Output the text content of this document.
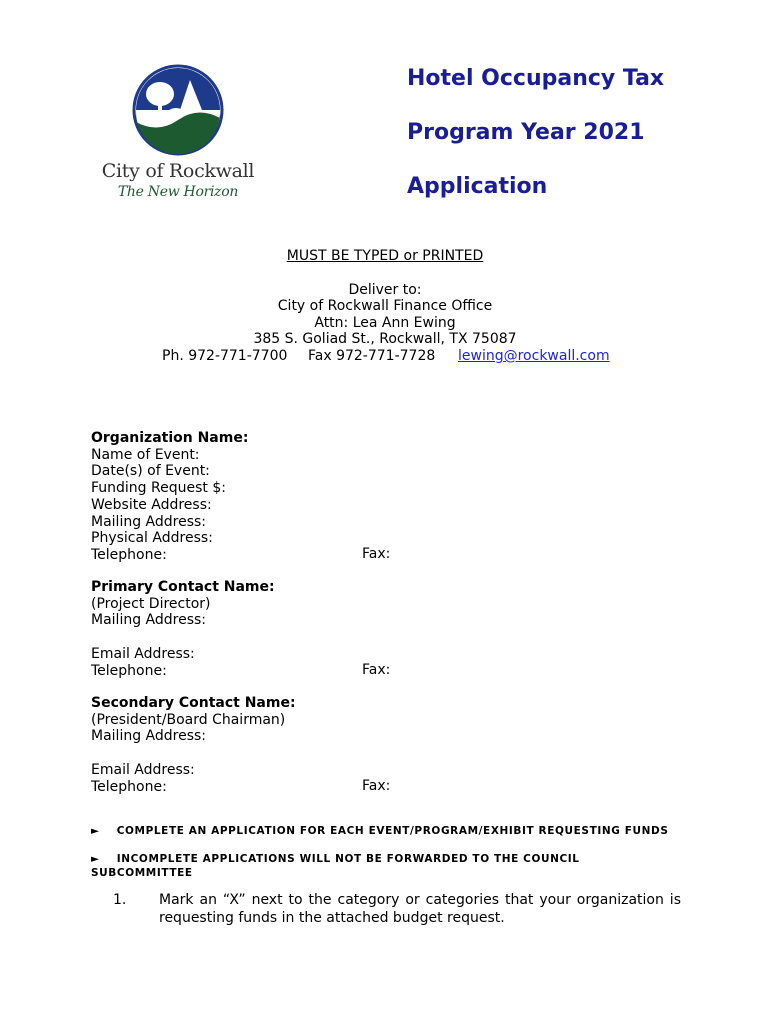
City of Rockwall
The New Horizon
Hotel Occupancy Tax
Program Year 2021
Application
MUST BE TYPED or PRINTED
Deliver to:
City of Rockwall Finance Office
Attn: Lea Ann Ewing
385 S. Goliad St., Rockwall, TX 75087
Ph. 972-771-7700 Fax 972-771-7728 lewing@rockwall.com
Organization Name:
Name of Event:
Date(s) of Event:
Funding Request $:
Website Address:
Mailing Address:
Physical Address:
Telephone:	Fax:
Primary Contact Name:
(Project Director)
Mailing Address:

Email Address:
Telephone:	Fax:
Secondary Contact Name:
(President/Board Chairman)
Mailing Address:

Email Address:
Telephone:	Fax:
► COMPLETE AN APPLICATION FOR EACH EVENT/PROGRAM/EXHIBIT REQUESTING FUNDS
► INCOMPLETE APPLICATIONS WILL NOT BE FORWARDED TO THE COUNCIL
SUBCOMMITTEE
1. Mark an “X” next to the category or categories that your organization is requesting funds in the attached budget request.
